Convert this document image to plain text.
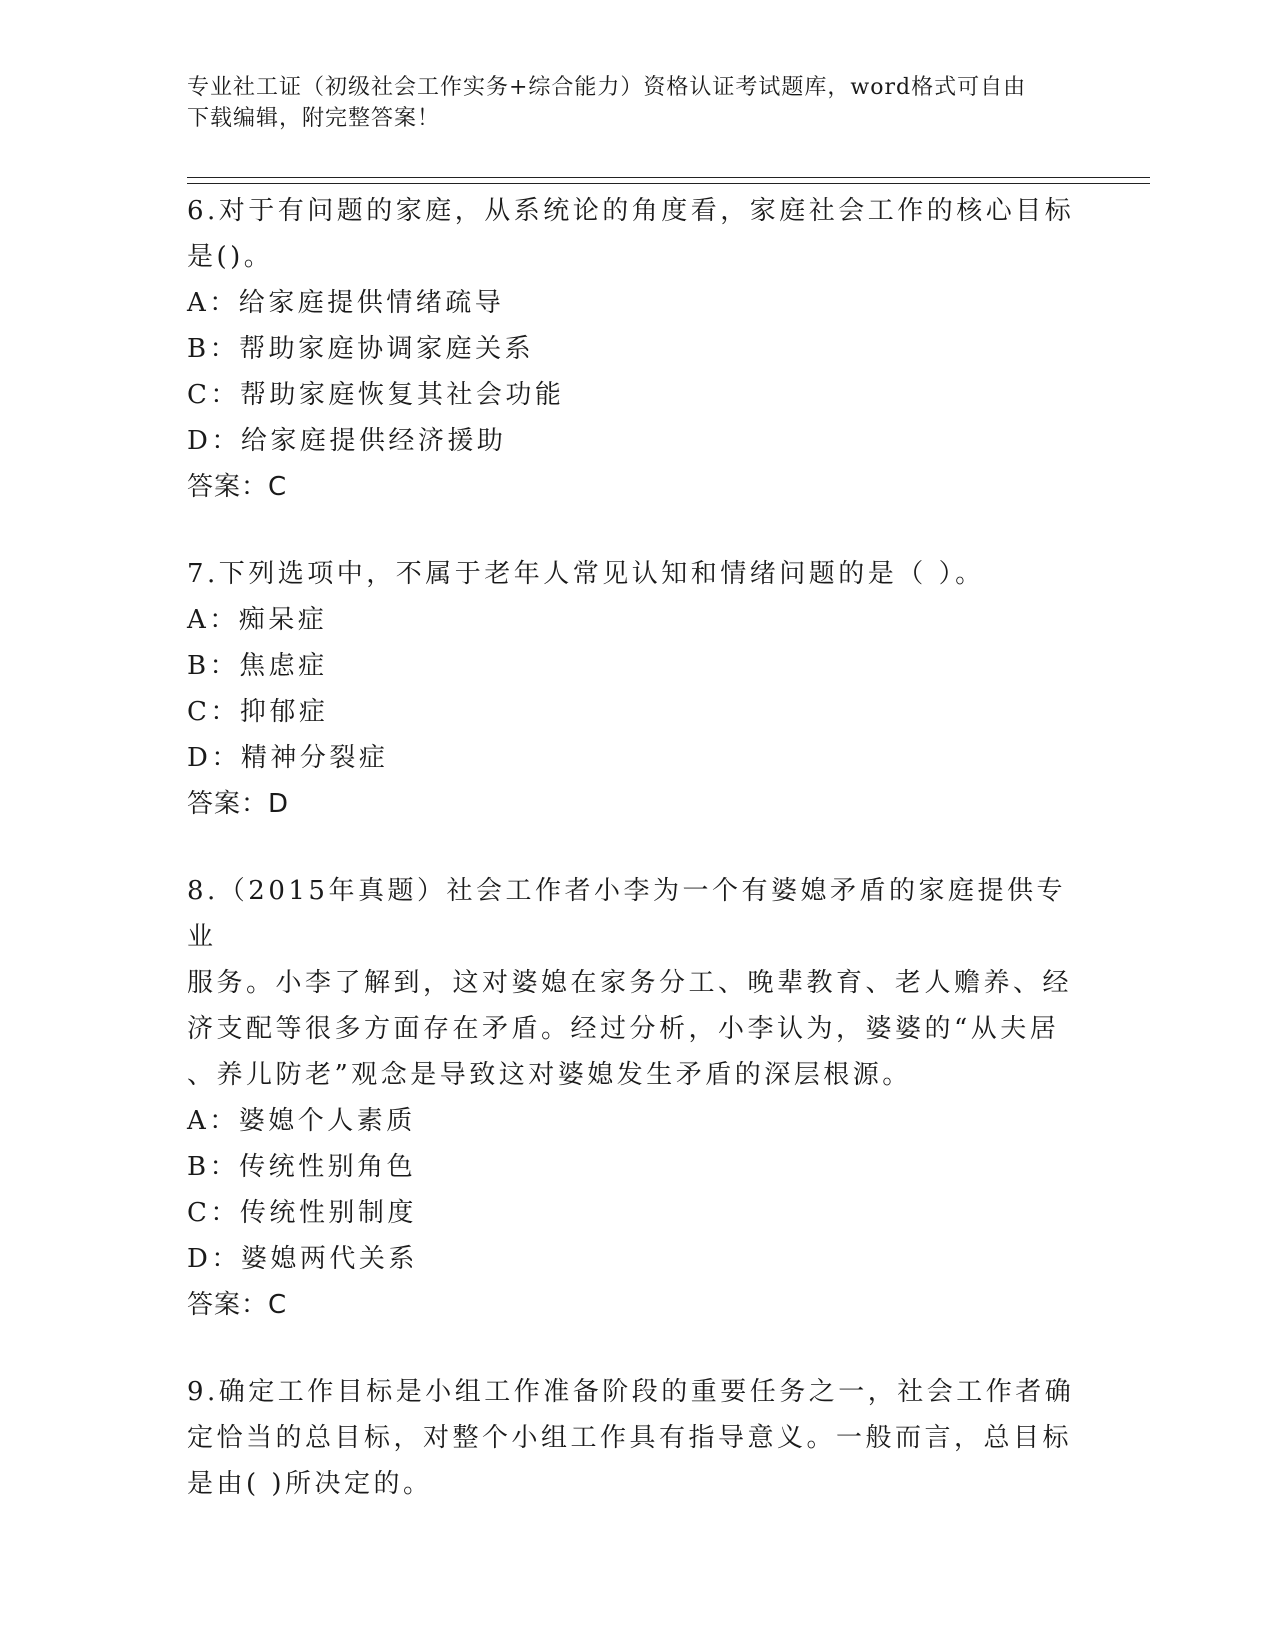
专业社工证（初级社会工作实务+综合能力）资格认证考试题库，word格式可自由
下载编辑，附完整答案！

6.对于有问题的家庭，从系统论的角度看，家庭社会工作的核心目标

是()。

A：给家庭提供情绪疏导

B：帮助家庭协调家庭关系

C：帮助家庭恢复其社会功能

D：给家庭提供经济援助

答案：C

7.下列选项中，不属于老年人常见认知和情绪问题的是（ ）。

A：痴呆症

B：焦虑症

C：抑郁症

D：精神分裂症

答案：D

8.（2015年真题）社会工作者小李为一个有婆媳矛盾的家庭提供专业

服务。小李了解到，这对婆媳在家务分工、晚辈教育、老人赡养、经

济支配等很多方面存在矛盾。经过分析，小李认为，婆婆的“从夫居

、养儿防老”观念是导致这对婆媳发生矛盾的深层根源。

A：婆媳个人素质

B：传统性别角色

C：传统性别制度

D：婆媳两代关系

答案：C

9.确定工作目标是小组工作准备阶段的重要任务之一，社会工作者确

定恰当的总目标，对整个小组工作具有指导意义。一般而言，总目标

是由( )所决定的。
